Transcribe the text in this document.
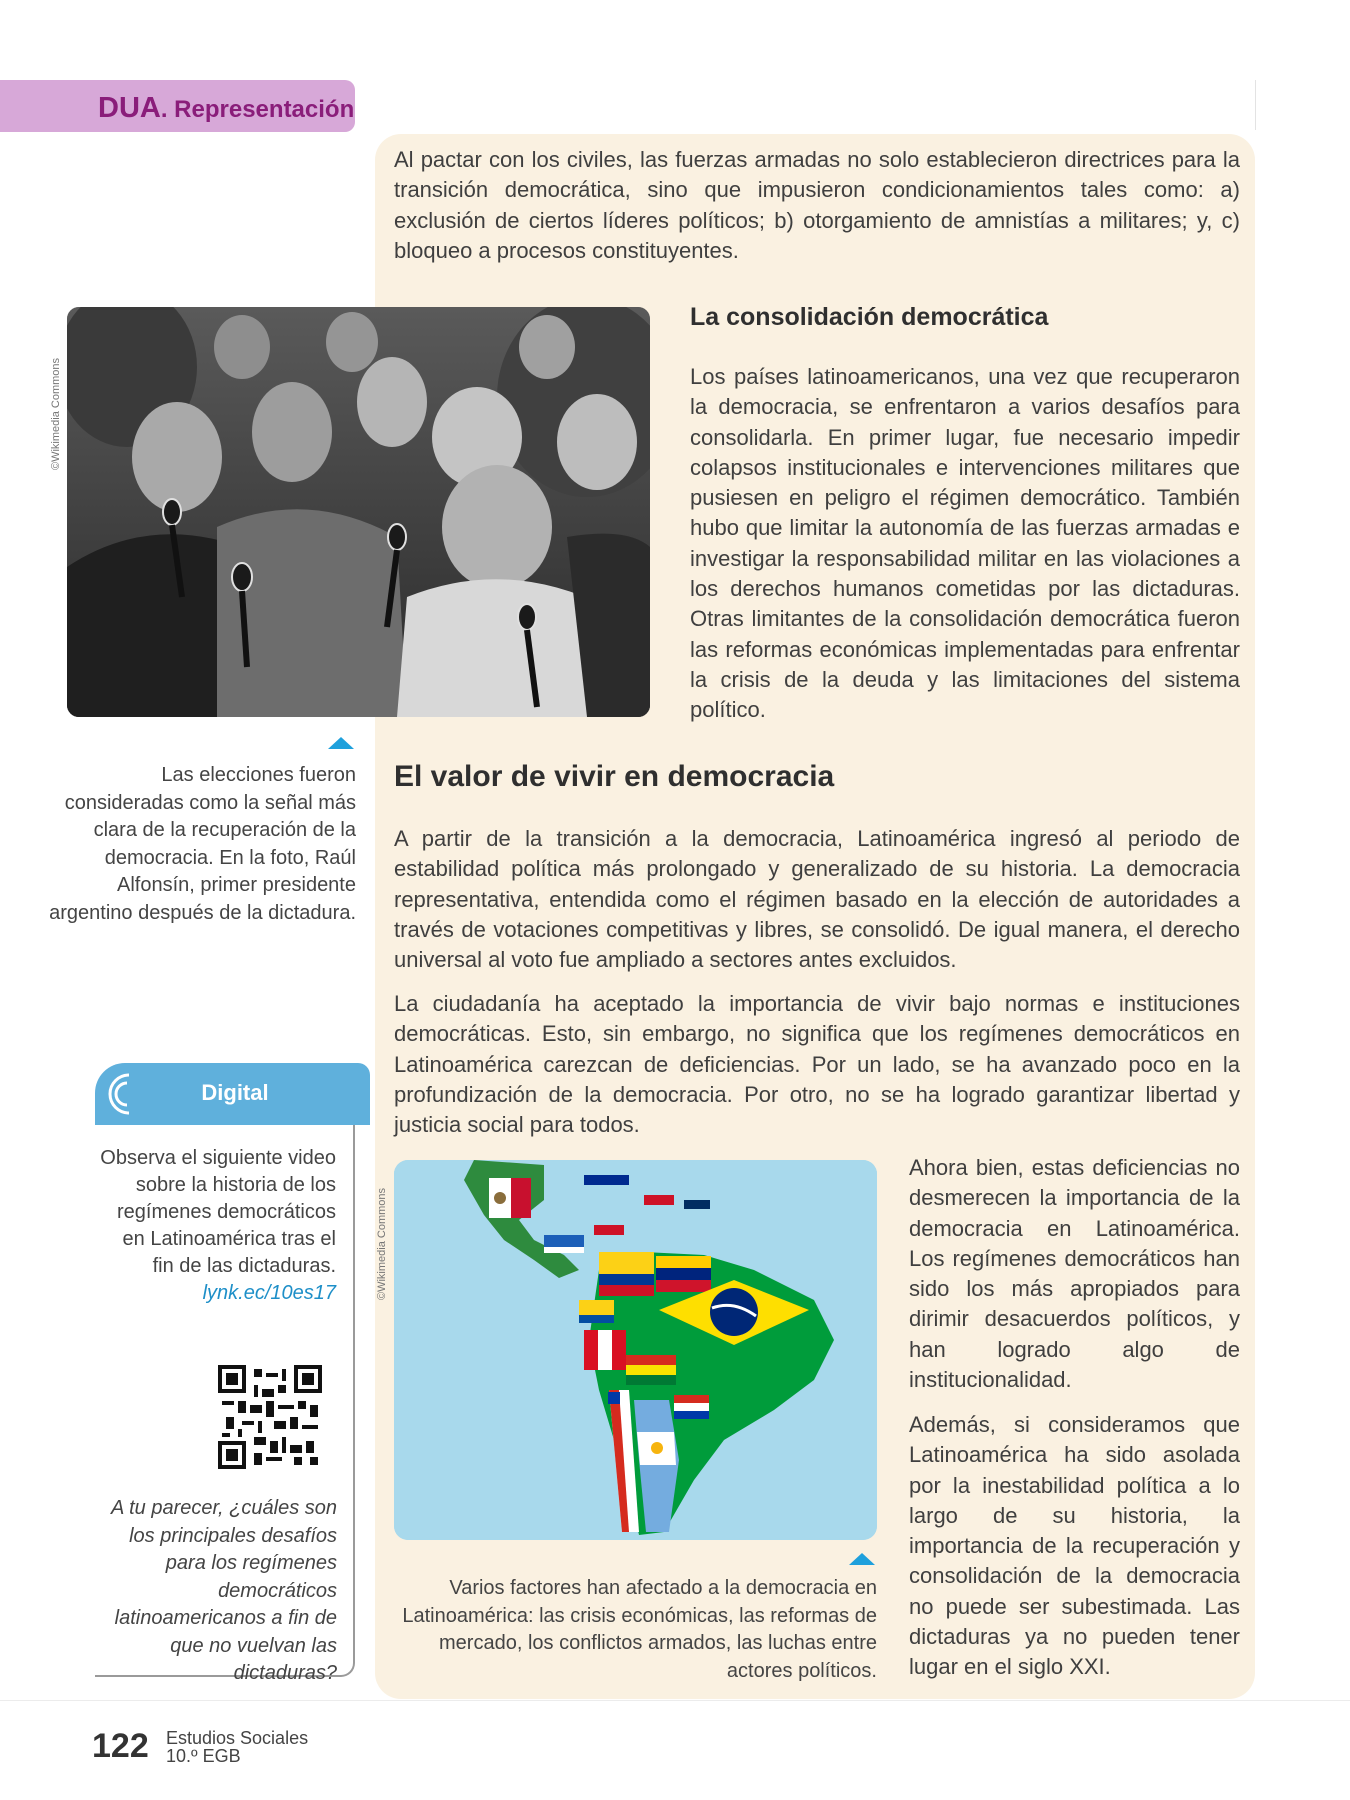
DUA. Representación

Al pactar con los civiles, las fuerzas armadas no solo establecieron directrices para la transición democrática, sino que impusieron condicionamientos tales como: a) exclusión de ciertos líderes políticos; b) otorgamiento de amnistías a militares; y, c) bloqueo a procesos constituyentes.

©Wikimedia Commons

Las elecciones fueron consideradas como la señal más clara de la recuperación de la democracia. En la foto, Raúl Alfonsín, primer presidente argentino después de la dictadura.

La consolidación democrática

Los países latinoamericanos, una vez que recuperaron la democracia, se enfrentaron a varios desafíos para consolidarla. En primer lugar, fue necesario impedir colapsos institucionales e intervenciones militares que pusiesen en peligro el régimen democrático. También hubo que limitar la autonomía de las fuerzas armadas e investigar la responsabilidad militar en las violaciones a los derechos humanos cometidas por las dictaduras. Otras limitantes de la consolidación democrática fueron las reformas económicas implementadas para enfrentar la crisis de la deuda y las limitaciones del sistema político.

El valor de vivir en democracia

A partir de la transición a la democracia, Latinoamérica ingresó al periodo de estabilidad política más prolongado y generalizado de su historia. La democracia representativa, entendida como el régimen basado en la elección de autoridades a través de votaciones competitivas y libres, se consolidó. De igual manera, el derecho universal al voto fue ampliado a sectores antes excluidos.

La ciudadanía ha aceptado la importancia de vivir bajo normas e instituciones democráticas. Esto, sin embargo, no significa que los regímenes democráticos en Latinoamérica carezcan de deficiencias. Por un lado, se ha avanzado poco en la profundización de la democracia. Por otro, no se ha logrado garantizar libertad y justicia social para todos.

Ahora bien, estas deficiencias no desmerecen la importancia de la democracia en Latinoamérica. Los regímenes democráticos han sido los más apropiados para dirimir desacuerdos políticos, y han logrado algo de institucionalidad.

Además, si consideramos que Latinoamérica ha sido asolada por la inestabilidad política a lo largo de su historia, la importancia de la recuperación y consolidación de la democracia no puede ser subestimada. Las dictaduras ya no pueden tener lugar en el siglo XXI.

Digital

Observa el siguiente video sobre la historia de los regímenes democráticos en Latinoamérica tras el fin de las dictaduras.

lynk.ec/10es17

A tu parecer, ¿cuáles son los principales desafíos para los regímenes democráticos latinoamericanos a fin de que no vuelvan las dictaduras?

©Wikimedia Commons

Varios factores han afectado a la democracia en Latinoamérica: las crisis económicas, las reformas de mercado, los conflictos armados, las luchas entre actores políticos.

122 Estudios Sociales
10.º EGB
